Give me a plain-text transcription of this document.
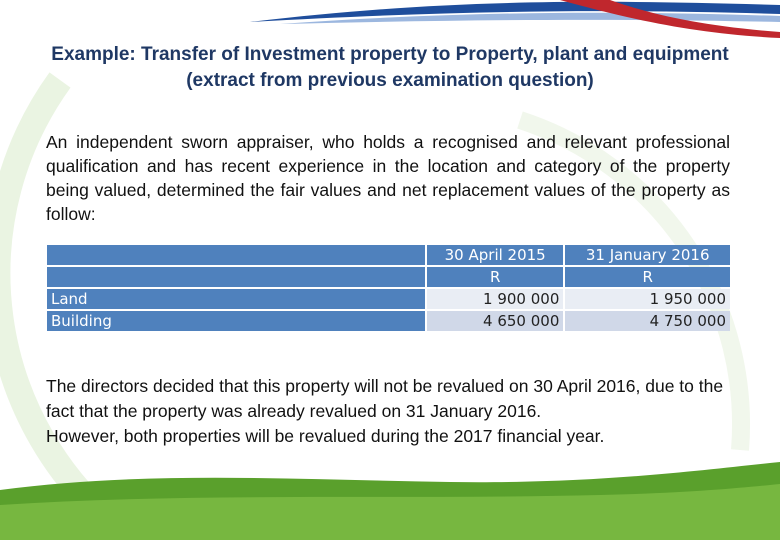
Example: Transfer of Investment property to Property, plant and equipment (extract from previous examination question)
An independent sworn appraiser, who holds a recognised and relevant professional qualification and has recent experience in the location and category of the property being valued, determined the fair values and net replacement values of the property as follow:
	30 April 2015	31 January 2016
	R	R
Land	1 900 000	1 950 000
Building	4 650 000	4 750 000

The directors decided that this property will not be revalued on 30 April 2016, due to the fact that the property was already revalued on 31 January 2016.

However, both properties will be revalued during the 2017 financial year.
